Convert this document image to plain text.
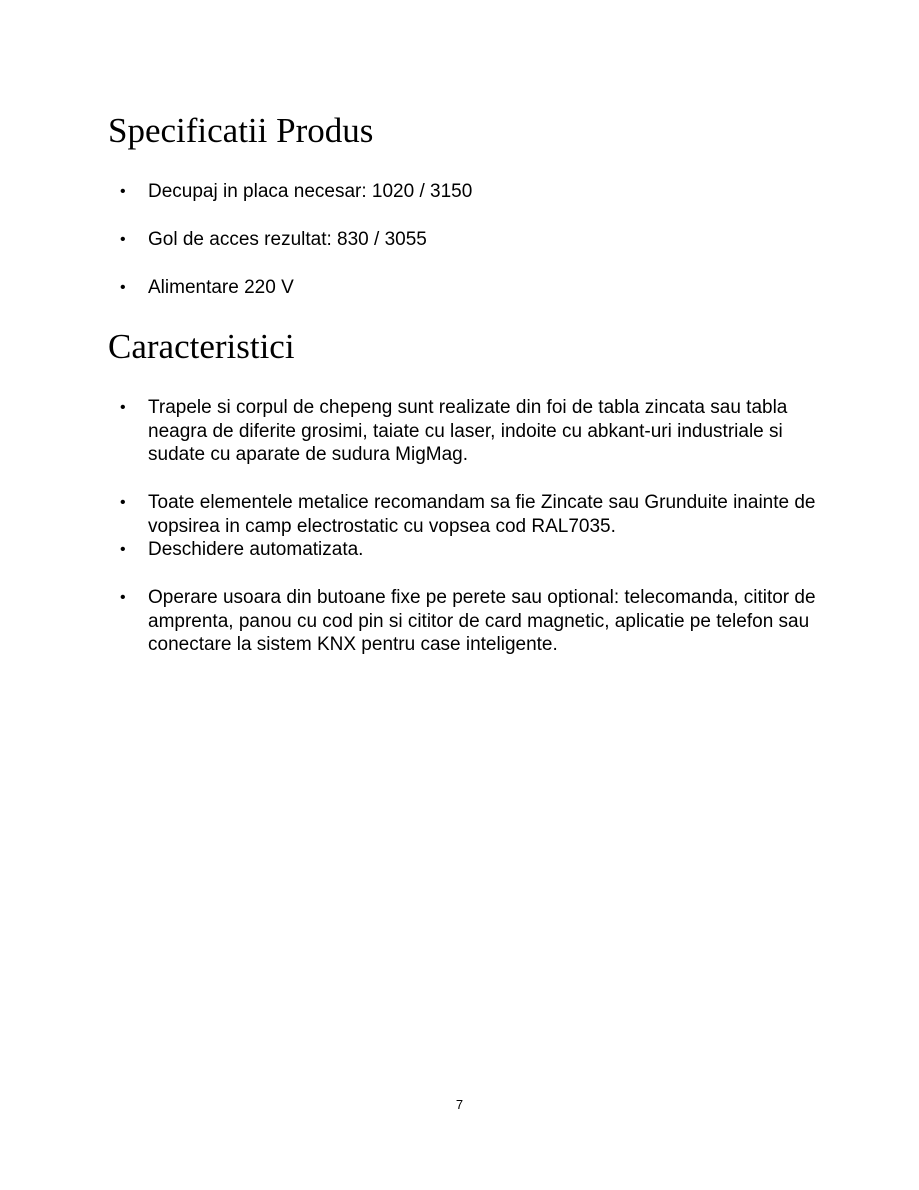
Specificatii Produs
• Decupaj in placa necesar: 1020 / 3150
• Gol de acces rezultat: 830 / 3055
• Alimentare 220 V
Caracteristici
• Trapele si corpul de chepeng sunt realizate din foi de tabla zincata sau tabla neagra de diferite grosimi, taiate cu laser, indoite cu abkant-uri industriale si sudate cu aparate de sudura MigMag.
• Toate elementele metalice recomandam sa fie Zincate sau Grunduite inainte de vopsirea in camp electrostatic cu vopsea cod RAL7035.
• Deschidere automatizata.
• Operare usoara din butoane fixe pe perete sau optional: telecomanda, cititor de amprenta, panou cu cod pin si cititor de card magnetic, aplicatie pe telefon sau conectare la sistem KNX pentru case inteligente.
7
